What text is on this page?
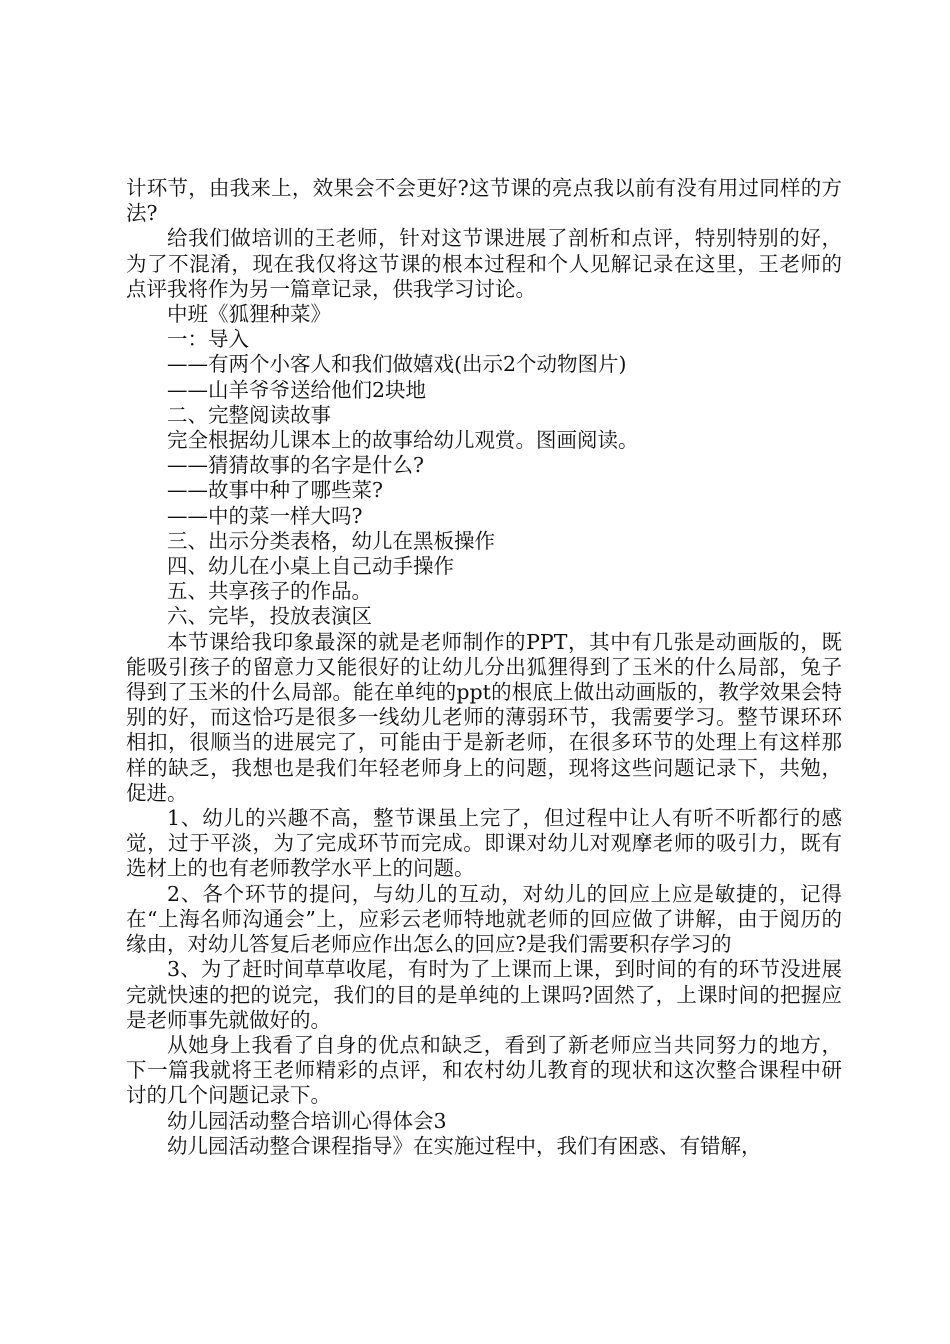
计环节，由我来上，效果会不会更好?这节课的亮点我以前有没有用过同样的方法?

给我们做培训的王老师，针对这节课进展了剖析和点评，特别特别的好，为了不混淆，现在我仅将这节课的根本过程和个人见解记录在这里，王老师的点评我将作为另一篇章记录，供我学习讨论。

中班《狐狸种菜》

一：导入

——有两个小客人和我们做嬉戏(出示2个动物图片)

——山羊爷爷送给他们2块地

二、完整阅读故事

完全根据幼儿课本上的故事给幼儿观赏。图画阅读。

——猜猜故事的名字是什么?

——故事中种了哪些菜?

——中的菜一样大吗?

三、出示分类表格，幼儿在黑板操作

四、幼儿在小桌上自己动手操作

五、共享孩子的作品。

六、完毕，投放表演区

本节课给我印象最深的就是老师制作的PPT，其中有几张是动画版的，既能吸引孩子的留意力又能很好的让幼儿分出狐狸得到了玉米的什么局部，兔子得到了玉米的什么局部。能在单纯的ppt的根底上做出动画版的，教学效果会特别的好，而这恰巧是很多一线幼儿老师的薄弱环节，我需要学习。整节课环环相扣，很顺当的进展完了，可能由于是新老师，在很多环节的处理上有这样那样的缺乏，我想也是我们年轻老师身上的问题，现将这些问题记录下，共勉，促进。

1、幼儿的兴趣不高，整节课虽上完了，但过程中让人有听不听都行的感觉，过于平淡，为了完成环节而完成。即课对幼儿对观摩老师的吸引力，既有选材上的也有老师教学水平上的问题。

2、各个环节的提问，与幼儿的互动，对幼儿的回应上应是敏捷的，记得在“上海名师沟通会”上，应彩云老师特地就老师的回应做了讲解，由于阅历的缘由，对幼儿答复后老师应作出怎么的回应?是我们需要积存学习的

3、为了赶时间草草收尾，有时为了上课而上课，到时间的有的环节没进展完就快速的把的说完，我们的目的是单纯的上课吗?固然了，上课时间的把握应是老师事先就做好的。

从她身上我看了自身的优点和缺乏，看到了新老师应当共同努力的地方，下一篇我就将王老师精彩的点评，和农村幼儿教育的现状和这次整合课程中研讨的几个问题记录下。

幼儿园活动整合培训心得体会3

幼儿园活动整合课程指导》在实施过程中，我们有困惑、有错解，
